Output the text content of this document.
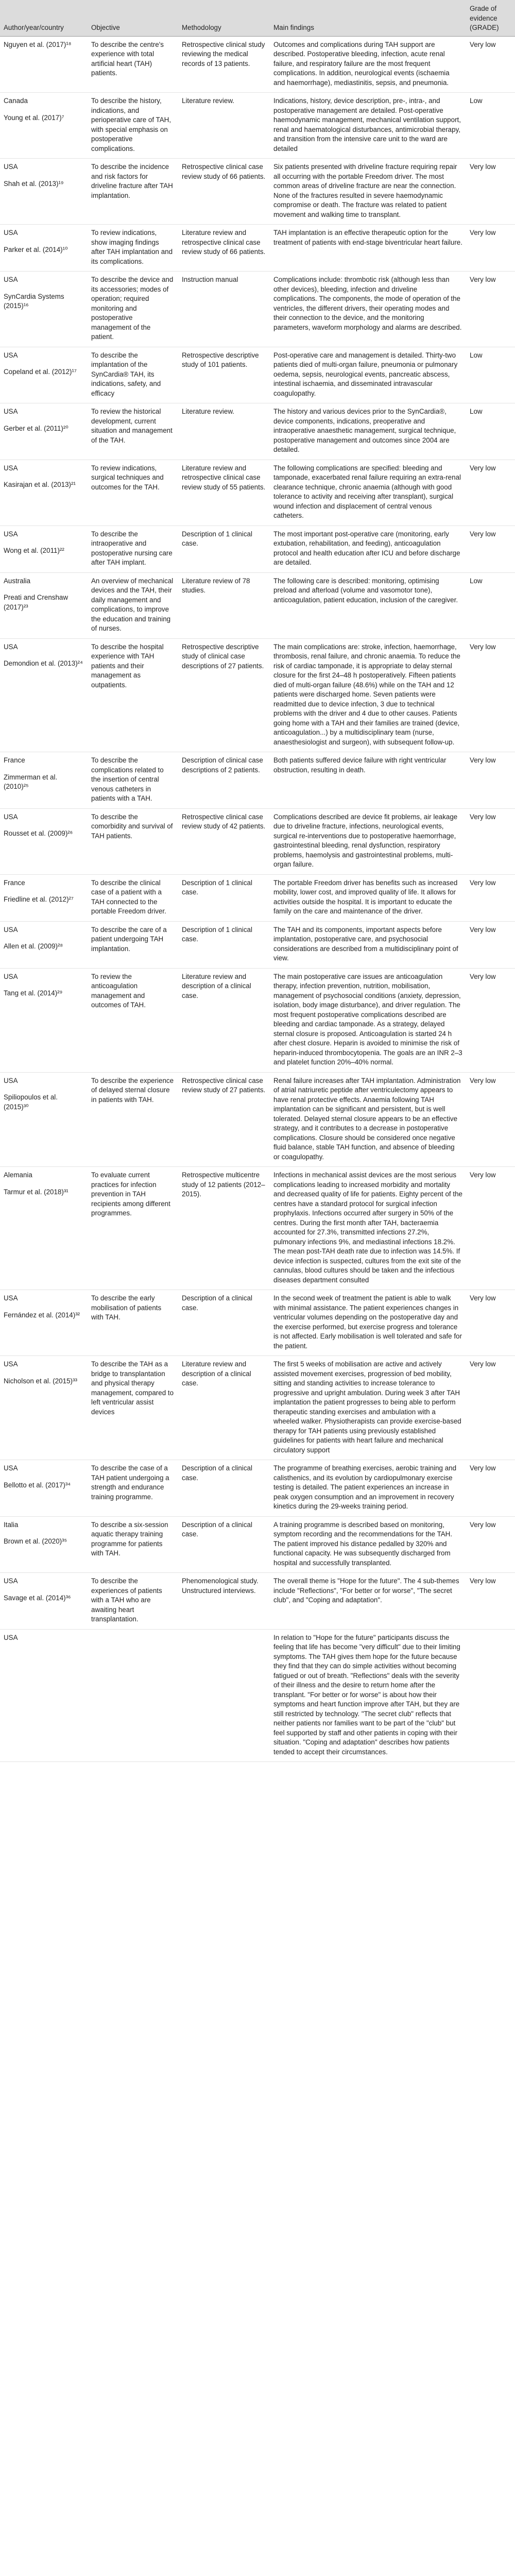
Author/year/country	Objective	Methodology	Main findings	Grade of evidence (GRADE)

Nguyen et al. (2017)¹⁸	To describe the centre's experience with total artificial heart (TAH) patients.	Retrospective clinical study reviewing the medical records of 13 patients.	Outcomes and complications during TAH support are described. Postoperative bleeding, infection, acute renal failure, and respiratory failure are the most frequent complications. In addition, neurological events (ischaemia and haemorrhage), mediastinitis, sepsis, and pneumonia.	Very low

Canada
Young et al. (2017)⁷	To describe the history, indications, and perioperative care of TAH, with special emphasis on postoperative complications.	Literature review.	Indications, history, device description, pre-, intra-, and postoperative management are detailed. Post-operative haemodynamic management, mechanical ventilation support, renal and haematological disturbances, antimicrobial therapy, and transition from the intensive care unit to the ward are detailed	Low

USA
Shah et al. (2013)¹⁹	To describe the incidence and risk factors for driveline fracture after TAH implantation.	Retrospective clinical case review study of 66 patients.	Six patients presented with driveline fracture requiring repair all occurring with the portable Freedom driver. The most common areas of driveline fracture are near the connection. None of the fractures resulted in severe haemodynamic compromise or death. The fracture was related to patient movement and walking time to transplant.	Very low

USA
Parker et al. (2014)¹⁰	To review indications, show imaging findings after TAH implantation and its complications.	Literature review and retrospective clinical case review study of 66 patients.	TAH implantation is an effective therapeutic option for the treatment of patients with end-stage biventricular heart failure.	Very low

USA
SynCardia Systems (2015)¹⁶	To describe the device and its accessories; modes of operation; required monitoring and postoperative management of the patient.	Instruction manual	Complications include: thrombotic risk (although less than other devices), bleeding, infection and driveline complications. The components, the mode of operation of the ventricles, the different drivers, their operating modes and their connection to the device, and the monitoring parameters, waveform morphology and alarms are described.	Very low

USA
Copeland et al. (2012)¹⁷	To describe the implantation of the SynCardia® TAH, its indications, safety, and efficacy	Retrospective descriptive study of 101 patients.	Post-operative care and management is detailed. Thirty-two patients died of multi-organ failure, pneumonia or pulmonary oedema, sepsis, neurological events, pancreatic abscess, intestinal ischaemia, and disseminated intravascular coagulopathy.	Low

USA
Gerber et al. (2011)²⁰	To review the historical development, current situation and management of the TAH.	Literature review.	The history and various devices prior to the SynCardia®, device components, indications, preoperative and intraoperative anaesthetic management, surgical technique, postoperative management and outcomes since 2004 are detailed.	Low

USA
Kasirajan et al. (2013)²¹	To review indications, surgical techniques and outcomes for the TAH.	Literature review and retrospective clinical case review study of 55 patients.	The following complications are specified: bleeding and tamponade, exacerbated renal failure requiring an extra-renal clearance technique, chronic anaemia (although with good tolerance to activity and receiving after transplant), surgical wound infection and displacement of central venous catheters.	Very low

USA
Wong et al. (2011)²²	To describe the intraoperative and postoperative nursing care after TAH implant.	Description of 1 clinical case.	The most important post-operative care (monitoring, early extubation, rehabilitation, and feeding), anticoagulation protocol and health education after ICU and before discharge are detailed.	Very low

Australia
Preati and Crenshaw (2017)²³	An overview of mechanical devices and the TAH, their daily management and complications, to improve the education and training of nurses.	Literature review of 78 studies.	The following care is described: monitoring, optimising preload and afterload (volume and vasomotor tone), anticoagulation, patient education, inclusion of the caregiver.	Low

USA
Demondion et al. (2013)²⁴	To describe the hospital experience with TAH patients and their management as outpatients.	Retrospective descriptive study of clinical case descriptions of 27 patients.	The main complications are: stroke, infection, haemorrhage, thrombosis, renal failure, and chronic anaemia. To reduce the risk of cardiac tamponade, it is appropriate to delay sternal closure for the first 24–48 h postoperatively. Fifteen patients died of multi-organ failure (48.6%) while on the TAH and 12 patients were discharged home. Seven patients were readmitted due to device infection, 3 due to technical problems with the driver and 4 due to other causes. Patients going home with a TAH and their families are trained (device, anticoagulation...) by a multidisciplinary team (nurse, anaesthesiologist and surgeon), with subsequent follow-up.	Very low

France
Zimmerman et al. (2010)²⁵	To describe the complications related to the insertion of central venous catheters in patients with a TAH.	Description of clinical case descriptions of 2 patients.	Both patients suffered device failure with right ventricular obstruction, resulting in death.	Very low

USA
Rousset et al. (2009)²⁶	To describe the comorbidity and survival of TAH patients.	Retrospective clinical case review study of 42 patients.	Complications described are device fit problems, air leakage due to driveline fracture, infections, neurological events, surgical re-interventions due to postoperative haemorrhage, gastrointestinal bleeding, renal dysfunction, respiratory problems, haemolysis and gastrointestinal problems, multi-organ failure.	Very low

France
Friedline et al. (2012)²⁷	To describe the clinical case of a patient with a TAH connected to the portable Freedom driver.	Description of 1 clinical case.	The portable Freedom driver has benefits such as increased mobility, lower cost, and improved quality of life. It allows for activities outside the hospital. It is important to educate the family on the care and maintenance of the driver.	Very low

USA
Allen et al. (2009)²⁸	To describe the care of a patient undergoing TAH implantation.	Description of 1 clinical case.	The TAH and its components, important aspects before implantation, postoperative care, and psychosocial considerations are described from a multidisciplinary point of view.	Very low

USA
Tang et al. (2014)²⁹	To review the anticoagulation management and outcomes of TAH.	Literature review and description of a clinical case.	The main postoperative care issues are anticoagulation therapy, infection prevention, nutrition, mobilisation, management of psychosocial conditions (anxiety, depression, isolation, body image disturbance), and driver regulation. The most frequent postoperative complications described are bleeding and cardiac tamponade. As a strategy, delayed sternal closure is proposed. Anticoagulation is started 24 h after chest closure. Heparin is avoided to minimise the risk of heparin-induced thrombocytopenia. The goals are an INR 2–3 and platelet function 20%–40% normal.	Very low

USA
Spiliopoulos et al. (2015)³⁰	To describe the experience of delayed sternal closure in patients with TAH.	Retrospective clinical case review study of 27 patients.	Renal failure increases after TAH implantation. Administration of atrial natriuretic peptide after ventriculectomy appears to have renal protective effects. Anaemia following TAH implantation can be significant and persistent, but is well tolerated. Delayed sternal closure appears to be an effective strategy, and it contributes to a decrease in postoperative complications. Closure should be considered once negative fluid balance, stable TAH function, and absence of bleeding or coagulopathy.	Very low

Alemania
Tarmur et al. (2018)³¹	To evaluate current practices for infection prevention in TAH recipients among different programmes.	Retrospective multicentre study of 12 patients (2012–2015).	Infections in mechanical assist devices are the most serious complications leading to increased morbidity and mortality and decreased quality of life for patients. Eighty percent of the centres have a standard protocol for surgical infection prophylaxis. Infections occurred after surgery in 50% of the centres. During the first month after TAH, bacteraemia accounted for 27.3%, transmitted infections 27.2%, pulmonary infections 9%, and mediastinal infections 18.2%. The mean post-TAH death rate due to infection was 14.5%. If device infection is suspected, cultures from the exit site of the cannulas, blood cultures should be taken and the infectious diseases department consulted	Very low

USA
Fernández et al. (2014)³²	To describe the early mobilisation of patients with TAH.	Description of a clinical case.	In the second week of treatment the patient is able to walk with minimal assistance. The patient experiences changes in ventricular volumes depending on the postoperative day and the exercise performed, but exercise progress and tolerance is not affected. Early mobilisation is well tolerated and safe for the patient.	Very low

USA
Nicholson et al. (2015)³³	To describe the TAH as a bridge to transplantation and physical therapy management, compared to left ventricular assist devices	Literature review and description of a clinical case.	The first 5 weeks of mobilisation are active and actively assisted movement exercises, progression of bed mobility, sitting and standing activities to increase tolerance to progressive and upright ambulation. During week 3 after TAH implantation the patient progresses to being able to perform therapeutic standing exercises and ambulation with a wheeled walker. Physiotherapists can provide exercise-based therapy for TAH patients using previously established guidelines for patients with heart failure and mechanical circulatory support	Very low

USA
Bellotto et al. (2017)³⁴	To describe the case of a TAH patient undergoing a strength and endurance training programme.	Description of a clinical case.	The programme of breathing exercises, aerobic training and calisthenics, and its evolution by cardiopulmonary exercise testing is detailed. The patient experiences an increase in peak oxygen consumption and an improvement in recovery kinetics during the 29-weeks training period.	Very low

Italia
Brown et al. (2020)³⁵	To describe a six-session aquatic therapy training programme for patients with TAH.	Description of a clinical case.	A training programme is described based on monitoring, symptom recording and the recommendations for the TAH. The patient improved his distance pedalled by 320% and functional capacity. He was subsequently discharged from hospital and successfully transplanted.	Very low

USA
Savage et al. (2014)³⁶	To describe the experiences of patients with a TAH who are awaiting heart transplantation.	Phenomenological study. Unstructured interviews.	The overall theme is "Hope for the future". The 4 sub-themes include "Reflections", "For better or for worse", "The secret club", and "Coping and adaptation".	Very low

USA			In relation to "Hope for the future" participants discuss the feeling that life has become "very difficult" due to their limiting symptoms. The TAH gives them hope for the future because they find that they can do simple activities without becoming fatigued or out of breath. "Reflections" deals with the severity of their illness and the desire to return home after the transplant. "For better or for worse" is about how their symptoms and heart function improve after TAH, but they are still restricted by technology. "The secret club" reflects that neither patients nor families want to be part of the "club" but feel supported by staff and other patients in coping with their situation. "Coping and adaptation" describes how patients tended to accept their circumstances.	
